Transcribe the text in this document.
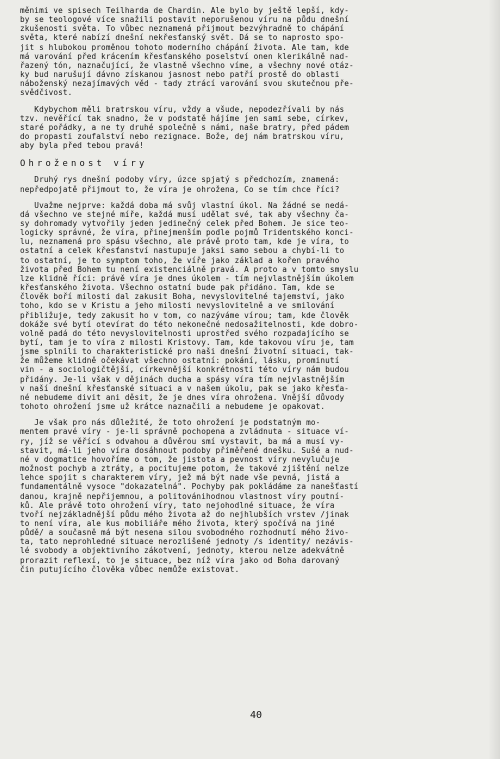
měnimi ve spisech Teilharda de Chardin. Ale bylo by ještě lepší, kdy-
by se teologové více snažili postavit neporušenou víru na půdu dnešní
zkušenosti světa. To vůbec neznamená přijmout bezvýhradně to chápání
světa, které nabízí dnešní nekřesťanský svět. Dá se to naprosto spo-
jit s hlubokou proměnou tohoto moderního chápání života. Ale tam, kde
má varování před krácením křesťanského poselství onen klerikálně nad-
řazený tón, naznačující, že vlastně všechno víme, a všechny nové otáz-
ky bud narušují dávno získanou jasnost nebo patří prostě do oblasti
náboženský nezajímavých věd - tady ztrácí varování svou skutečnou pře-
svědčivost.
Kdybychom měli bratrskou víru, vždy a všude, nepodezřívali by nás
tzv. nevěřící tak snadno, že v podstatě hájíme jen sami sebe, církev,
staré pořádky, a ne ty druhé společně s námi, naše bratry, před pádem
do propasti zoufalství nebo rezignace. Bože, dej nám bratrskou víru,
aby byla před tebou pravá!
Ohroženost víry
Druhý rys dnešní podoby víry, úzce spjatý s předchozím, znamená:
nepředpojatě přijmout to, že víra je ohrožena, Co se tím chce říci?
Uvažme nejprve: každá doba má svůj vlastní úkol. Na žádné se nedá-
dá všechno ve stejné míře, každá musí udělat své, tak aby všechny ča-
sy dohromady vytvořily jeden jedinečný celek před Bohem. Je sice teo-
logicky správné, že víra, přinejmenším podle pojmů Tridentského konci-
lu, neznamená pro spásu všechno, ale právě proto tam, kde je víra, to
ostatní a celek křesťanství nastupuje jaksi samo sebou a chybí-li to
to ostatní, je to symptom toho, že víře jako základ a kořen pravého
života před Bohem tu není existenciálně pravá. A proto a v tomto smyslu
lze klidně říci: právě víra je dnes úkolem - tím nejvlastnějším úkolem
křesťanského života. Všechno ostatní bude pak přidáno. Tam, kde se
člověk boří milosti dal zakusit Boha, nevyslovitelné tajemství, jako
toho, kdo se v Kristu a jeho milosti nevyslovitelně a ve smilování
přibližuje, tedy zakusit ho v tom, co nazýváme vírou; tam, kde člověk
dokáže své bytí otevírat do této nekonečné nedosažitelnosti, kde dobro-
volně padá do této nevyslovitelnosti uprostřed svého rozpadajícího se
bytí, tam je to víra z milosti Kristovy. Tam, kde takovou víru je, tam
jsme splnili to charakteristické pro naši dnešní životní situaci, tak-
že můžeme klidně očekávat všechno ostatní: pokání, lásku, prominutí
vin - a sociologičtější, církevnější konkrétnosti této víry nám budou
přidány. Je-li však v dějinách ducha a spásy víra tím nejvlastnějším
v naší dnešní křesťanské situaci a v našem úkolu, pak se jako křesťa-
né nebudeme divit ani děsit, že je dnes víra ohrožena. Vnější důvody
tohoto ohrožení jsme už krátce naznačili a nebudeme je opakovat.
Je však pro nás důležité, že toto ohrožení je podstatným mo-
mentem pravé víry - je-li správně pochopena a zvládnuta - situace ví-
ry, jíž se věřící s odvahou a důvěrou smí vystavit, ba má a musí vy-
stavit, má-li jeho víra dosáhnout podoby přiměřené dnešku. Sušé a nud-
né v dogmatice hovoříme o tom, že jistota a pevnost víry nevylučuje
možnost pochyb a ztráty, a pocitujeme potom, že takové zjištění nelze
lehce spojit s charakterem víry, jež má být nade vše pevná, jistá a
fundamentálně vysoce "dokazatelná". Pochyby pak pokládáme za nanešťastí
danou, krajně nepřijemnou, a politovánihodnou vlastnost víry poutní-
ků. Ale právě toto ohrožení víry, tato nejohodlné situace, že víra
tvoří nejzákladnější půdu mého života až do nejhlubších vrstev /jinak
to není víra, ale kus mobiliáře mého života, který spočívá na jiné
půdě/ a současně má být nesena silou svobodného rozhodnutí mého živo-
ta, tato neprohledné situace nerozlišené jednoty /s identity/ nezávis-
lé svobody a objektivního zákotvení, jednoty, kterou nelze adekvátně
prorazit reflexí, to je situace, bez níž víra jako od Boha darovaný
čin putujícího člověka vůbec nemůže existovat.
40
